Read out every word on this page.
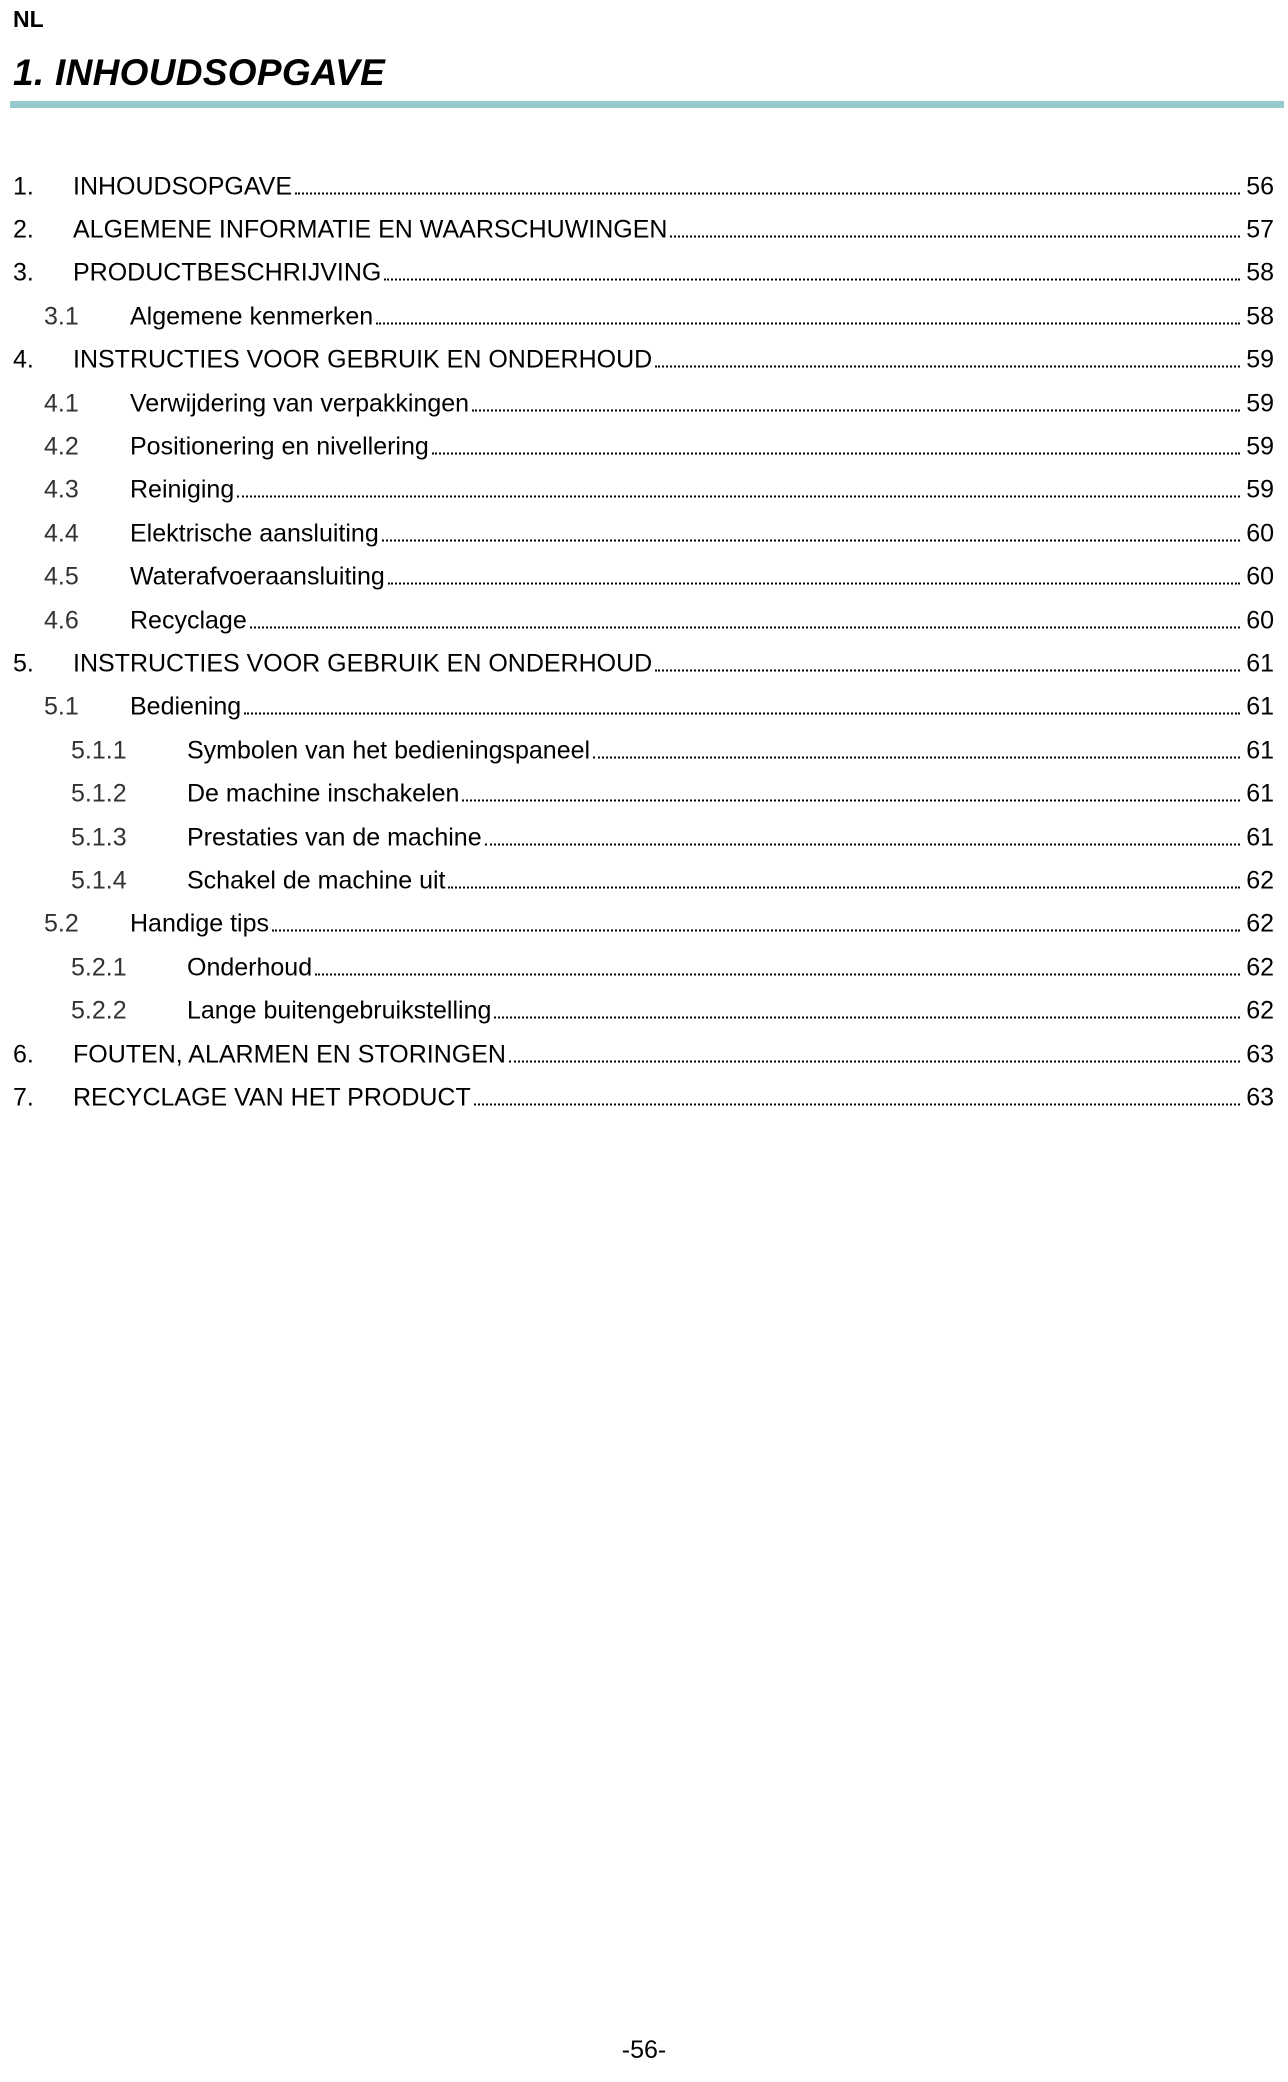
NL
1. INHOUDSOPGAVE
1. INHOUDSOPGAVE	56
2. ALGEMENE INFORMATIE EN WAARSCHUWINGEN	57
3. PRODUCTBESCHRIJVING	58
3.1 Algemene kenmerken	58
4. INSTRUCTIES VOOR GEBRUIK EN ONDERHOUD	59
4.1 Verwijdering van verpakkingen	59
4.2 Positionering en nivellering	59
4.3 Reiniging	59
4.4 Elektrische aansluiting	60
4.5 Waterafvoeraansluiting	60
4.6 Recyclage	60
5. INSTRUCTIES VOOR GEBRUIK EN ONDERHOUD	61
5.1 Bediening	61
5.1.1 Symbolen van het bedieningspaneel	61
5.1.2 De machine inschakelen	61
5.1.3 Prestaties van de machine	61
5.1.4 Schakel de machine uit	62
5.2 Handige tips	62
5.2.1 Onderhoud	62
5.2.2 Lange buitengebruikstelling	62
6. FOUTEN, ALARMEN EN STORINGEN	63
7. RECYCLAGE VAN HET PRODUCT	63
-56-
